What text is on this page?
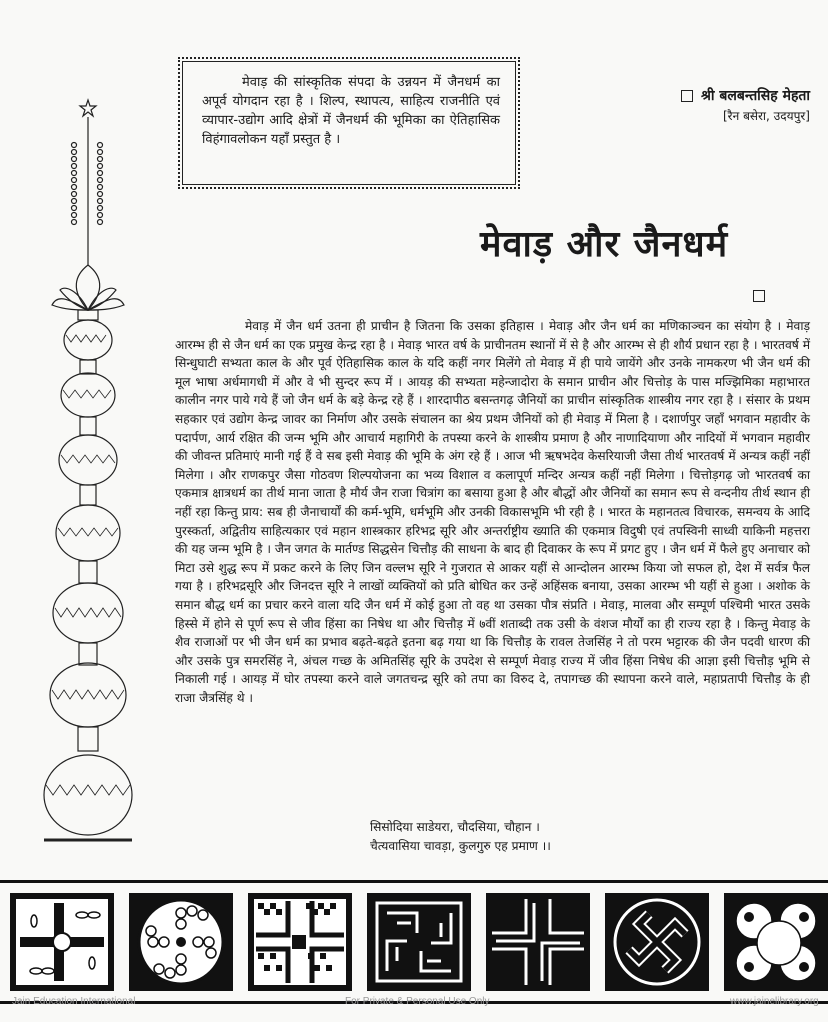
मेवाड़ की सांस्कृतिक संपदा के उन्नयन में जैनधर्म का अपूर्व योगदान रहा है । शिल्प, स्थापत्य, साहित्य राजनीति एवं व्यापार-उद्योग आदि क्षेत्रों में जैनधर्म की भूमिका का ऐतिहासिक विहंगावलोकन यहाँ प्रस्तुत है ।

श्री बलबन्तसिह मेहता
[रैन बसेरा, उदयपुर]
मेवाड़ और जैनधर्म

मेवाड़ में जैन धर्म उतना ही प्राचीन है जितना कि उसका इतिहास । मेवाड़ और जैन धर्म का मणिकाञ्चन का संयोग है । मेवाड़ आरम्भ ही से जैन धर्म का एक प्रमुख केन्द्र रहा है । मेवाड़ भारत वर्ष के प्राचीनतम स्थानों में से है और आरम्भ से ही शौर्य प्रधान रहा है । भारतवर्ष में सिन्धुघाटी सभ्यता काल के और पूर्व ऐतिहासिक काल के यदि कहीं नगर मिलेंगे तो मेवाड़ में ही पाये जायेंगे और उनके नामकरण भी जैन धर्म की मूल भाषा अर्धमागधी में और वे भी सुन्दर रूप में । आयड़ की सभ्यता महेन्जादोरा के समान प्राचीन और चित्तोड़ के पास मज्झिमिका महाभारत कालीन नगर पाये गये हैं जो जैन धर्म के बड़े केन्द्र रहे हैं । शारदापीठ बसन्तगढ़ जैनियों का प्राचीन सांस्कृतिक शास्त्रीय नगर रहा है । संसार के प्रथम सहकार एवं उद्योग केन्द्र जावर का निर्माण और उसके संचालन का श्रेय प्रथम जैनियों को ही मेवाड़ में मिला है । दशार्णपुर जहाँ भगवान महावीर के पदार्पण, आर्य रक्षित की जन्म भूमि और आचार्य महागिरी के तपस्या करने के शास्त्रीय प्रमाण है और नाणादियाणा और नादियों में भगवान महावीर की जीवन्त प्रतिमाएं मानी गई हैं वे सब इसी मेवाड़ की भूमि के अंग रहे हैं । आज भी ऋषभदेव केसरियाजी जैसा तीर्थ भारतवर्ष में अन्यत्र कहीं नहीं मिलेगा । और राणकपुर जैसा गोठवण शिल्पयोजना का भव्य विशाल व कलापूर्ण मन्दिर अन्यत्र कहीं नहीं मिलेगा । चित्तोड़गढ़ जो भारतवर्ष का एकमात्र क्षात्रधर्म का तीर्थ माना जाता है मौर्य जैन राजा चित्रांग का बसाया हुआ है और बौद्धों और जैनियों का समान रूप से वन्दनीय तीर्थ स्थान ही नहीं रहा किन्तु प्राय: सब ही जैनाचार्यों की कर्म-भूमि, धर्मभूमि और उनकी विकासभूमि भी रही है । भारत के महानतत्व विचारक, समन्वय के आदि पुरस्कर्ता, अद्वितीय साहित्यकार एवं महान शास्त्रकार हरिभद्र सूरि और अन्तर्राष्ट्रीय ख्याति की एकमात्र विदुषी एवं तपस्विनी साध्वी याकिनी महत्तरा की यह जन्म भूमि है । जैन जगत के मार्तण्ड सिद्धसेन चित्तौड़ की साधना के बाद ही दिवाकर के रूप में प्रगट हुए । जैन धर्म में फैले हुए अनाचार को मिटा उसे शुद्ध रूप में प्रकट करने के लिए जिन वल्लभ सूरि ने गुजरात से आकर यहीं से आन्दोलन आरम्भ किया जो सफल हो, देश में सर्वत्र फैल गया है । हरिभद्रसूरि और जिनदत्त सूरि ने लाखों व्यक्तियों को प्रति बोधित कर उन्हें अहिंसक बनाया, उसका आरम्भ भी यहीं से हुआ । अशोक के समान बौद्ध धर्म का प्रचार करने वाला यदि जैन धर्म में कोई हुआ तो वह था उसका पौत्र संप्रति । मेवाड़, मालवा और सम्पूर्ण पश्चिमी भारत उसके हिस्से में होने से पूर्ण रूप से जीव हिंसा का निषेध था और चित्तौड़ में ७वीं शताब्दी तक उसी के वंशज मौर्यों का ही राज्य रहा है । किन्तु मेवाड़ के शैव राजाओं पर भी जैन धर्म का प्रभाव बढ़ते-बढ़ते इतना बढ़ गया था कि चित्तौड़ के रावल तेजसिंह ने तो परम भट्टारक की जैन पदवी धारण की और उसके पुत्र समरसिंह ने, अंचल गच्छ के अमितसिंह सूरि के उपदेश से सम्पूर्ण मेवाड़ राज्य में जीव हिंसा निषेध की आज्ञा इसी चित्तौड़ भूमि से निकाली गई । आयड़ में घोर तपस्या करने वाले जगतचन्द्र सूरि को तपा का विरुद दे, तपागच्छ की स्थापना करने वाले, महाप्रतापी चित्तौड़ के ही राजा जैत्रसिंह थे ।

सिसोदिया साडेयरा, चौदसिया, चौहान ।
चैत्यवासिया चावड़ा, कुलगुरु एह प्रमाण ।।
Jain Education International	For Private & Personal Use Only	www.jainelibrary.org
